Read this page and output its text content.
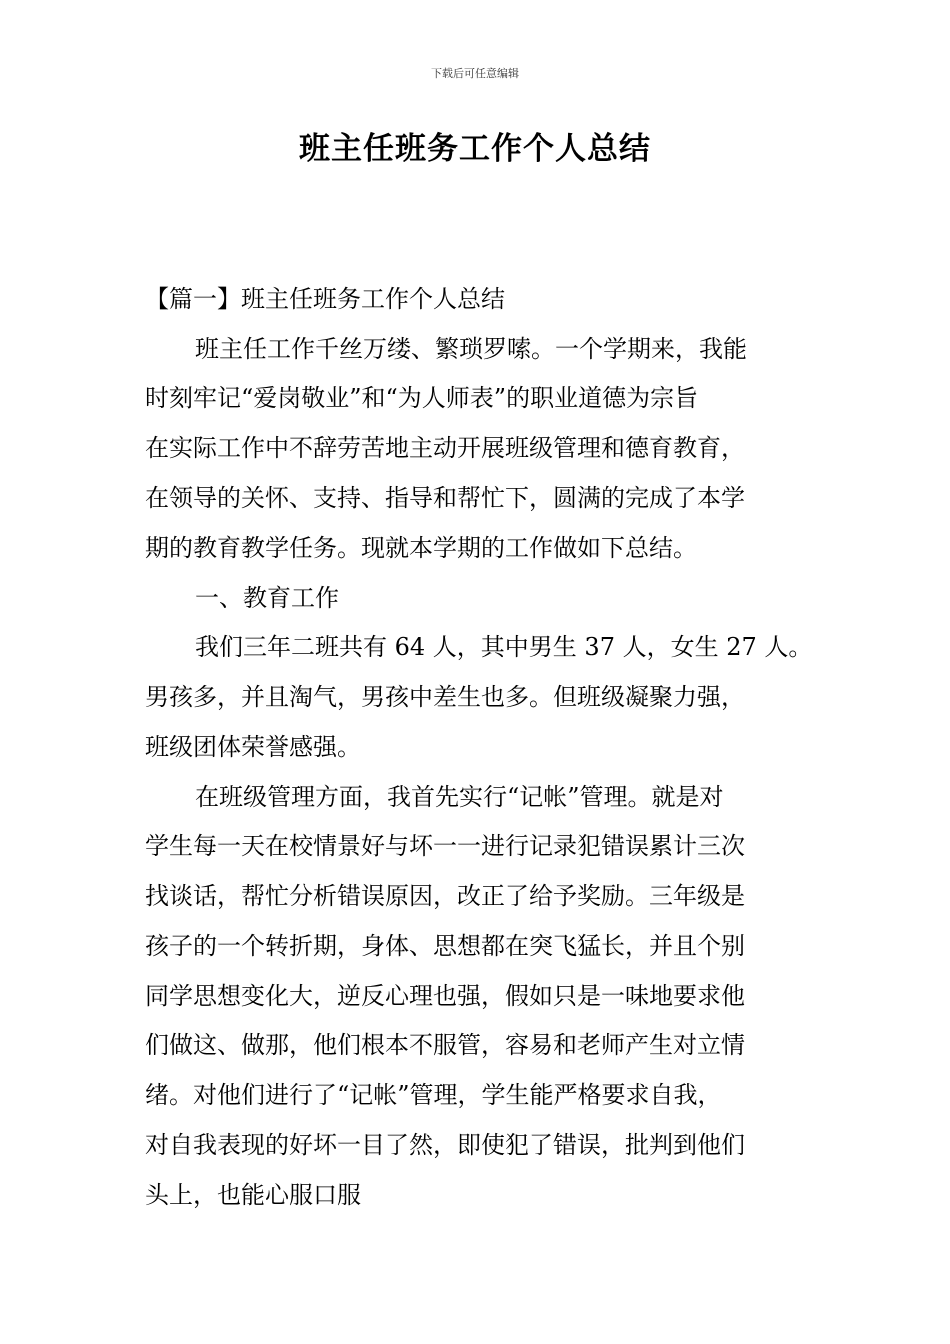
下载后可任意编辑
班主任班务工作个人总结
【篇一】班主任班务工作个人总结
班主任工作千丝万缕、繁琐罗嗦。一个学期来，我能
时刻牢记“爱岗敬业”和“为人师表”的职业道德为宗旨
在实际工作中不辞劳苦地主动开展班级管理和德育教育，
在领导的关怀、支持、指导和帮忙下，圆满的完成了本学
期的教育教学任务。现就本学期的工作做如下总结。
一、教育工作
我们三年二班共有 64 人，其中男生 37 人，女生 27 人。
男孩多，并且淘气，男孩中差生也多。但班级凝聚力强，
班级团体荣誉感强。
在班级管理方面，我首先实行“记帐”管理。就是对
学生每一天在校情景好与坏一一进行记录犯错误累计三次
找谈话，帮忙分析错误原因，改正了给予奖励。三年级是
孩子的一个转折期，身体、思想都在突飞猛长，并且个别
同学思想变化大，逆反心理也强，假如只是一味地要求他
们做这、做那，他们根本不服管，容易和老师产生对立情
绪。对他们进行了“记帐”管理，学生能严格要求自我，
对自我表现的好坏一目了然，即使犯了错误，批判到他们
头上，也能心服口服
